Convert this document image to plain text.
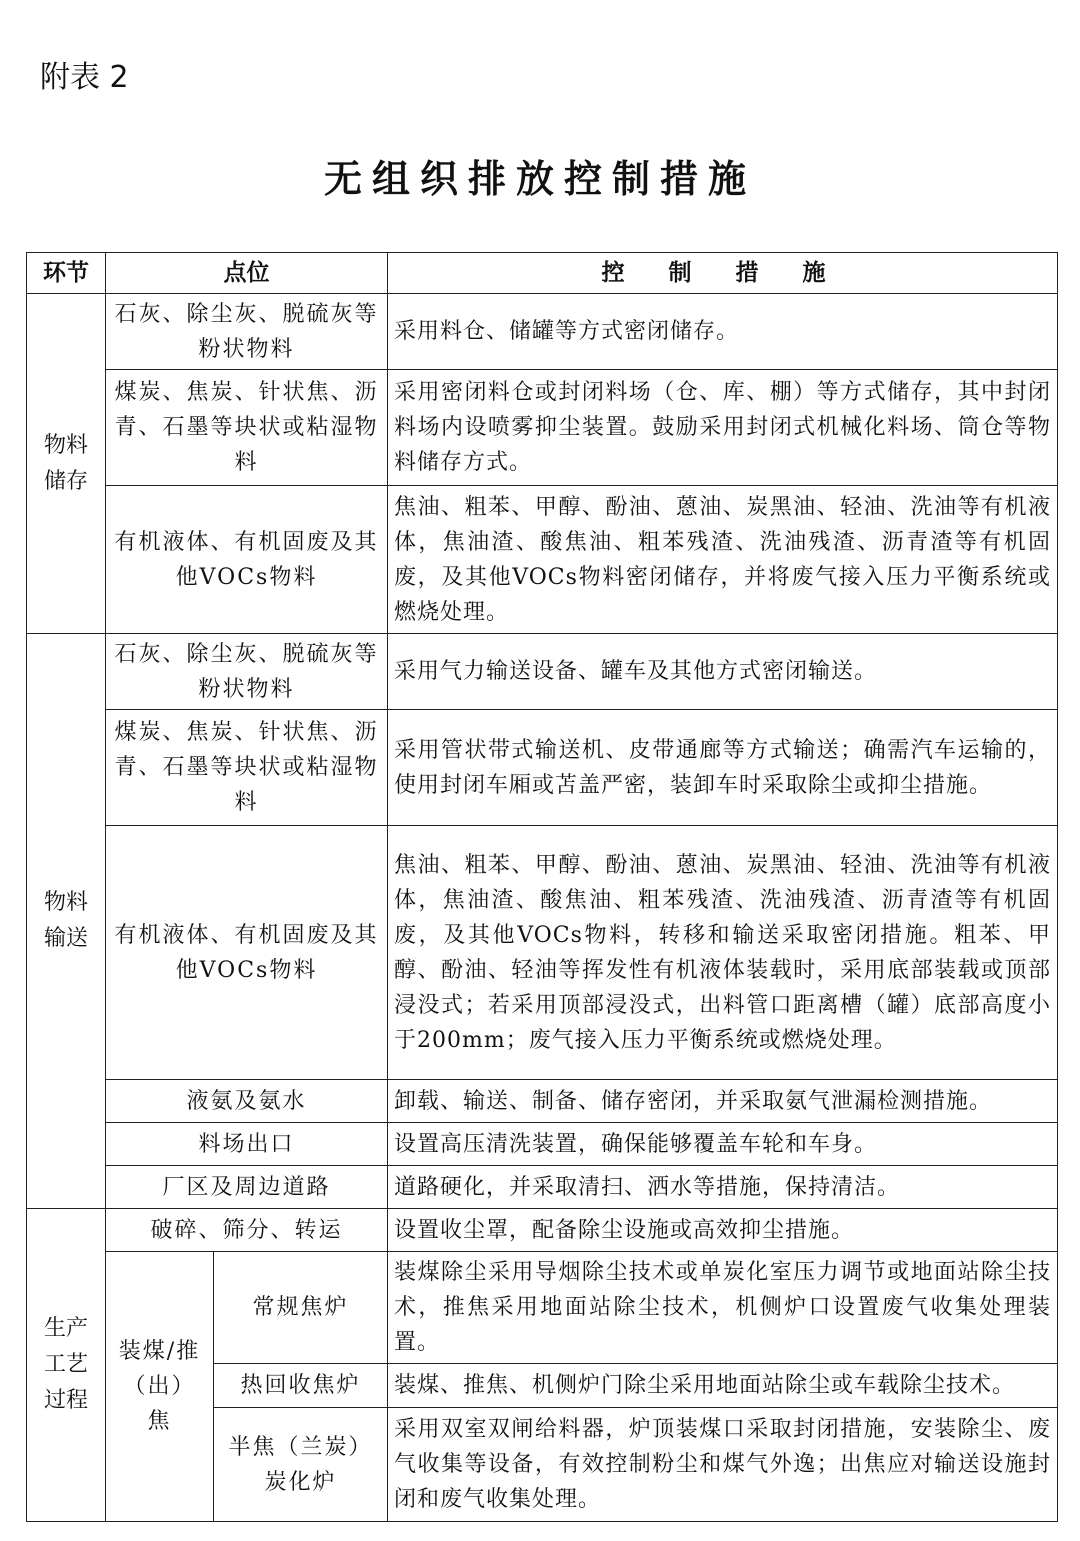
附表 2
无组织排放控制措施
环节	点位		控 制 措 施
物料储存	石灰、除尘灰、脱硫灰等粉状物料		采用料仓、储罐等方式密闭储存。
	煤炭、焦炭、针状焦、沥青、石墨等块状或粘湿物料		采用密闭料仓或封闭料场（仓、库、棚）等方式储存，其中封闭料场内设喷雾抑尘装置。鼓励采用封闭式机械化料场、筒仓等物料储存方式。
	有机液体、有机固废及其他VOCs物料		焦油、粗苯、甲醇、酚油、蒽油、炭黑油、轻油、洗油等有机液体，焦油渣、酸焦油、粗苯残渣、洗油残渣、沥青渣等有机固废，及其他VOCs物料密闭储存，并将废气接入压力平衡系统或燃烧处理。
物料输送	石灰、除尘灰、脱硫灰等粉状物料		采用气力输送设备、罐车及其他方式密闭输送。
	煤炭、焦炭、针状焦、沥青、石墨等块状或粘湿物料		采用管状带式输送机、皮带通廊等方式输送；确需汽车运输的，使用封闭车厢或苫盖严密，装卸车时采取除尘或抑尘措施。
	有机液体、有机固废及其他VOCs物料		焦油、粗苯、甲醇、酚油、蒽油、炭黑油、轻油、洗油等有机液体，焦油渣、酸焦油、粗苯残渣、洗油残渣、沥青渣等有机固废，及其他VOCs物料，转移和输送采取密闭措施。粗苯、甲醇、酚油、轻油等挥发性有机液体装载时，采用底部装载或顶部浸没式；若采用顶部浸没式，出料管口距离槽（罐）底部高度小于200mm；废气接入压力平衡系统或燃烧处理。
	液氨及氨水		卸载、输送、制备、储存密闭，并采取氨气泄漏检测措施。
	料场出口		设置高压清洗装置，确保能够覆盖车轮和车身。
	厂区及周边道路		道路硬化，并采取清扫、洒水等措施，保持清洁。
生产工艺过程	破碎、筛分、转运		设置收尘罩，配备除尘设施或高效抑尘措施。
	装煤/推（出）焦	常规焦炉	装煤除尘采用导烟除尘技术或单炭化室压力调节或地面站除尘技术，推焦采用地面站除尘技术，机侧炉口设置废气收集处理装置。
		热回收焦炉	装煤、推焦、机侧炉门除尘采用地面站除尘或车载除尘技术。
		半焦（兰炭）炭化炉	采用双室双闸给料器，炉顶装煤口采取封闭措施，安装除尘、废气收集等设备，有效控制粉尘和煤气外逸；出焦应对输送设施封闭和废气收集处理。
